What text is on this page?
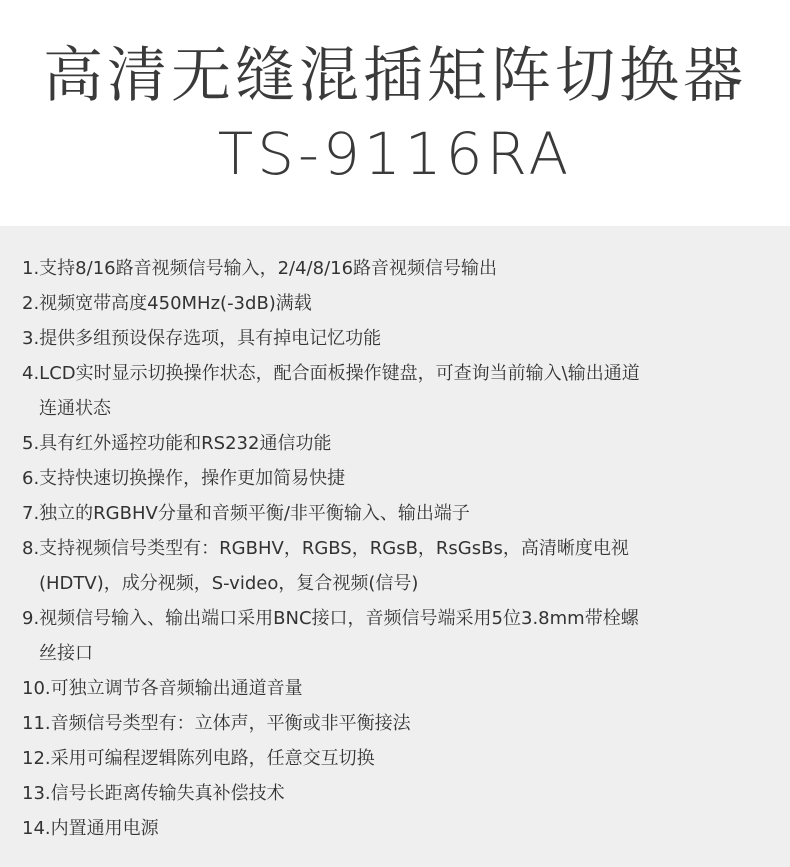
高清无缝混插矩阵切换器
TS-9116RA
1.支持8/16路音视频信号输入，2/4/8/16路音视频信号输出
2.视频宽带高度450MHz(-3dB)满载
3.提供多组预设保存选项，具有掉电记忆功能
4.LCD实时显示切换操作状态，配合面板操作键盘，可查询当前输入\输出通道
连通状态
5.具有红外遥控功能和RS232通信功能
6.支持快速切换操作，操作更加简易快捷
7.独立的RGBHV分量和音频平衡/非平衡输入、输出端子
8.支持视频信号类型有：RGBHV，RGBS，RGsB，RsGsBs，高清晰度电视
(HDTV)，成分视频，S-video，复合视频(信号)
9.视频信号输入、输出端口采用BNC接口，音频信号端采用5位3.8mm带栓螺
丝接口
10.可独立调节各音频输出通道音量
11.音频信号类型有：立体声，平衡或非平衡接法
12.采用可编程逻辑陈列电路，任意交互切换
13.信号长距离传输失真补偿技术
14.内置通用电源
